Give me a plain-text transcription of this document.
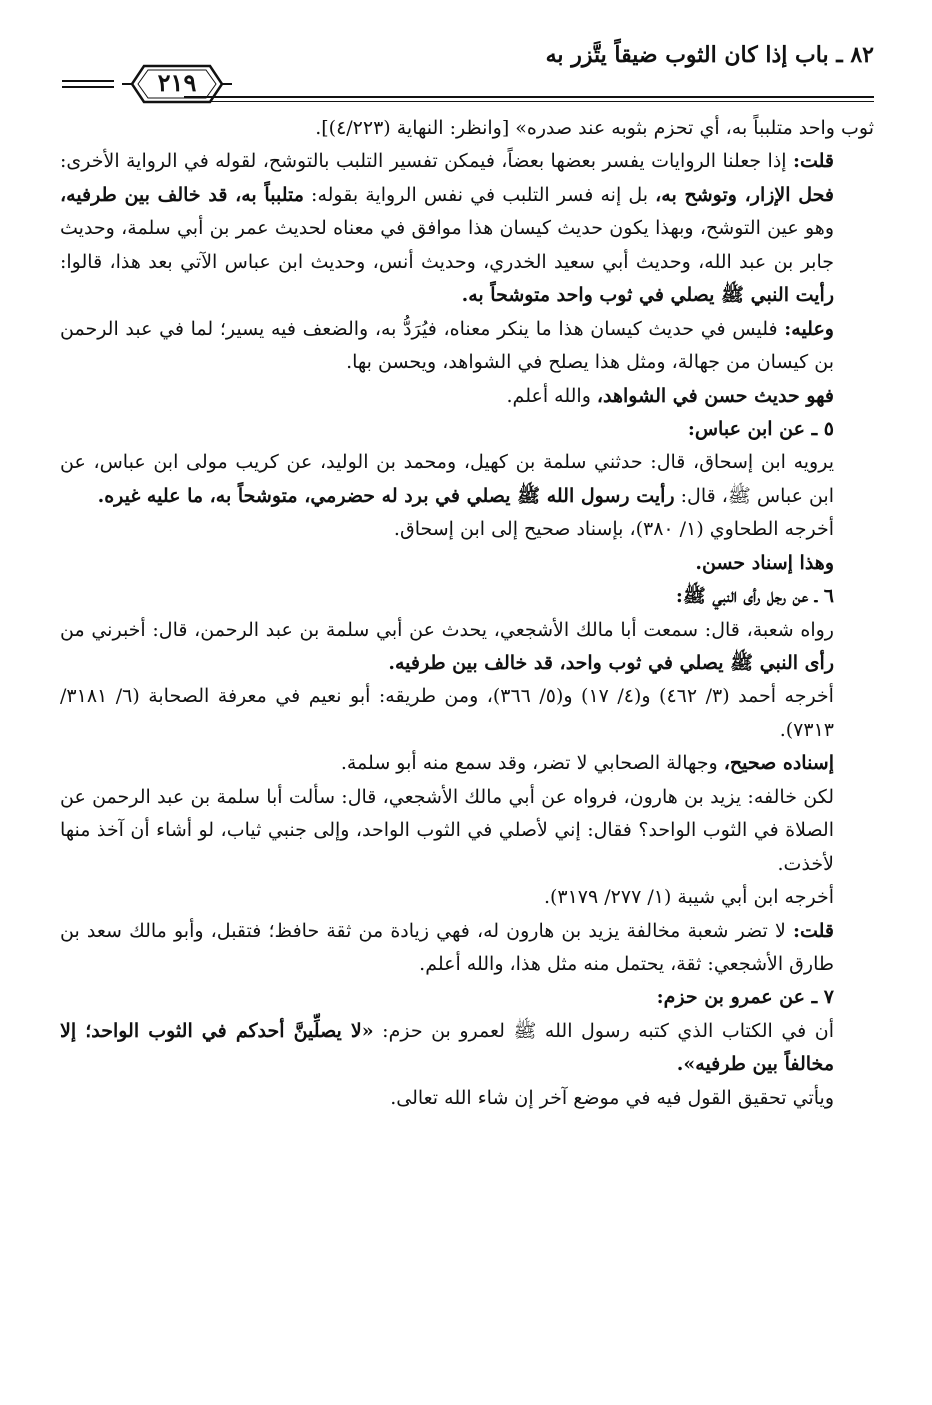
٨٢ ـ باب إذا كان الثوب ضيقاً يتَّزر به
٢١٩

ثوب واحد متلبباً به، أي تحزم بثوبه عند صدره» [وانظر: النهاية (٤/٢٢٣)].

قلت: إذا جعلنا الروايات يفسر بعضها بعضاً، فيمكن تفسير التلبب بالتوشح، لقوله في الرواية الأخرى: فحل الإزار، وتوشح به، بل إنه فسر التلبب في نفس الرواية بقوله: متلبباً به، قد خالف بين طرفيه، وهو عين التوشح، وبهذا يكون حديث كيسان هذا موافق في معناه لحديث عمر بن أبي سلمة، وحديث جابر بن عبد الله، وحديث أبي سعيد الخدري، وحديث أنس، وحديث ابن عباس الآتي بعد هذا، قالوا: رأيت النبي ﷺ يصلي في ثوب واحد متوشحاً به.

وعليه: فليس في حديث كيسان هذا ما ينكر معناه، فيُرَدُّ به، والضعف فيه يسير؛ لما في عبد الرحمن بن كيسان من جهالة، ومثل هذا يصلح في الشواهد، ويحسن بها.

فهو حديث حسن في الشواهد، والله أعلم.

٥ ـ عن ابن عباس:

يرويه ابن إسحاق، قال: حدثني سلمة بن كهيل، ومحمد بن الوليد، عن كريب مولى ابن عباس، عن ابن عباس ﷺ، قال: رأيت رسول الله ﷺ يصلي في برد له حضرمي، متوشحاً به، ما عليه غيره.

أخرجه الطحاوي (١/ ٣٨٠)، بإسناد صحيح إلى ابن إسحاق.

وهذا إسناد حسن.

٦ ـ عن رجل رأى النبي ﷺ:

رواه شعبة، قال: سمعت أبا مالك الأشجعي، يحدث عن أبي سلمة بن عبد الرحمن، قال: أخبرني من رأى النبي ﷺ يصلي في ثوب واحد، قد خالف بين طرفيه.

أخرجه أحمد (٣/ ٤٦٢) و(٤/ ١٧) و(٥/ ٣٦٦)، ومن طريقه: أبو نعيم في معرفة الصحابة (٦/ ٣١٨١/ ٧٣١٣).

إسناده صحيح، وجهالة الصحابي لا تضر، وقد سمع منه أبو سلمة.

لكن خالفه: يزيد بن هارون، فرواه عن أبي مالك الأشجعي، قال: سألت أبا سلمة بن عبد الرحمن عن الصلاة في الثوب الواحد؟ فقال: إني لأصلي في الثوب الواحد، وإلى جنبي ثياب، لو أشاء أن آخذ منها لأخذت.

أخرجه ابن أبي شيبة (١/ ٢٧٧/ ٣١٧٩).

قلت: لا تضر شعبة مخالفة يزيد بن هارون له، فهي زيادة من ثقة حافظ؛ فتقبل، وأبو مالك سعد بن طارق الأشجعي: ثقة، يحتمل منه مثل هذا، والله أعلم.

٧ ـ عن عمرو بن حزم:

أن في الكتاب الذي كتبه رسول الله ﷺ لعمرو بن حزم: «لا يصلِّينَّ أحدكم في الثوب الواحد؛ إلا مخالفاً بين طرفيه».

ويأتي تحقيق القول فيه في موضع آخر إن شاء الله تعالى.
